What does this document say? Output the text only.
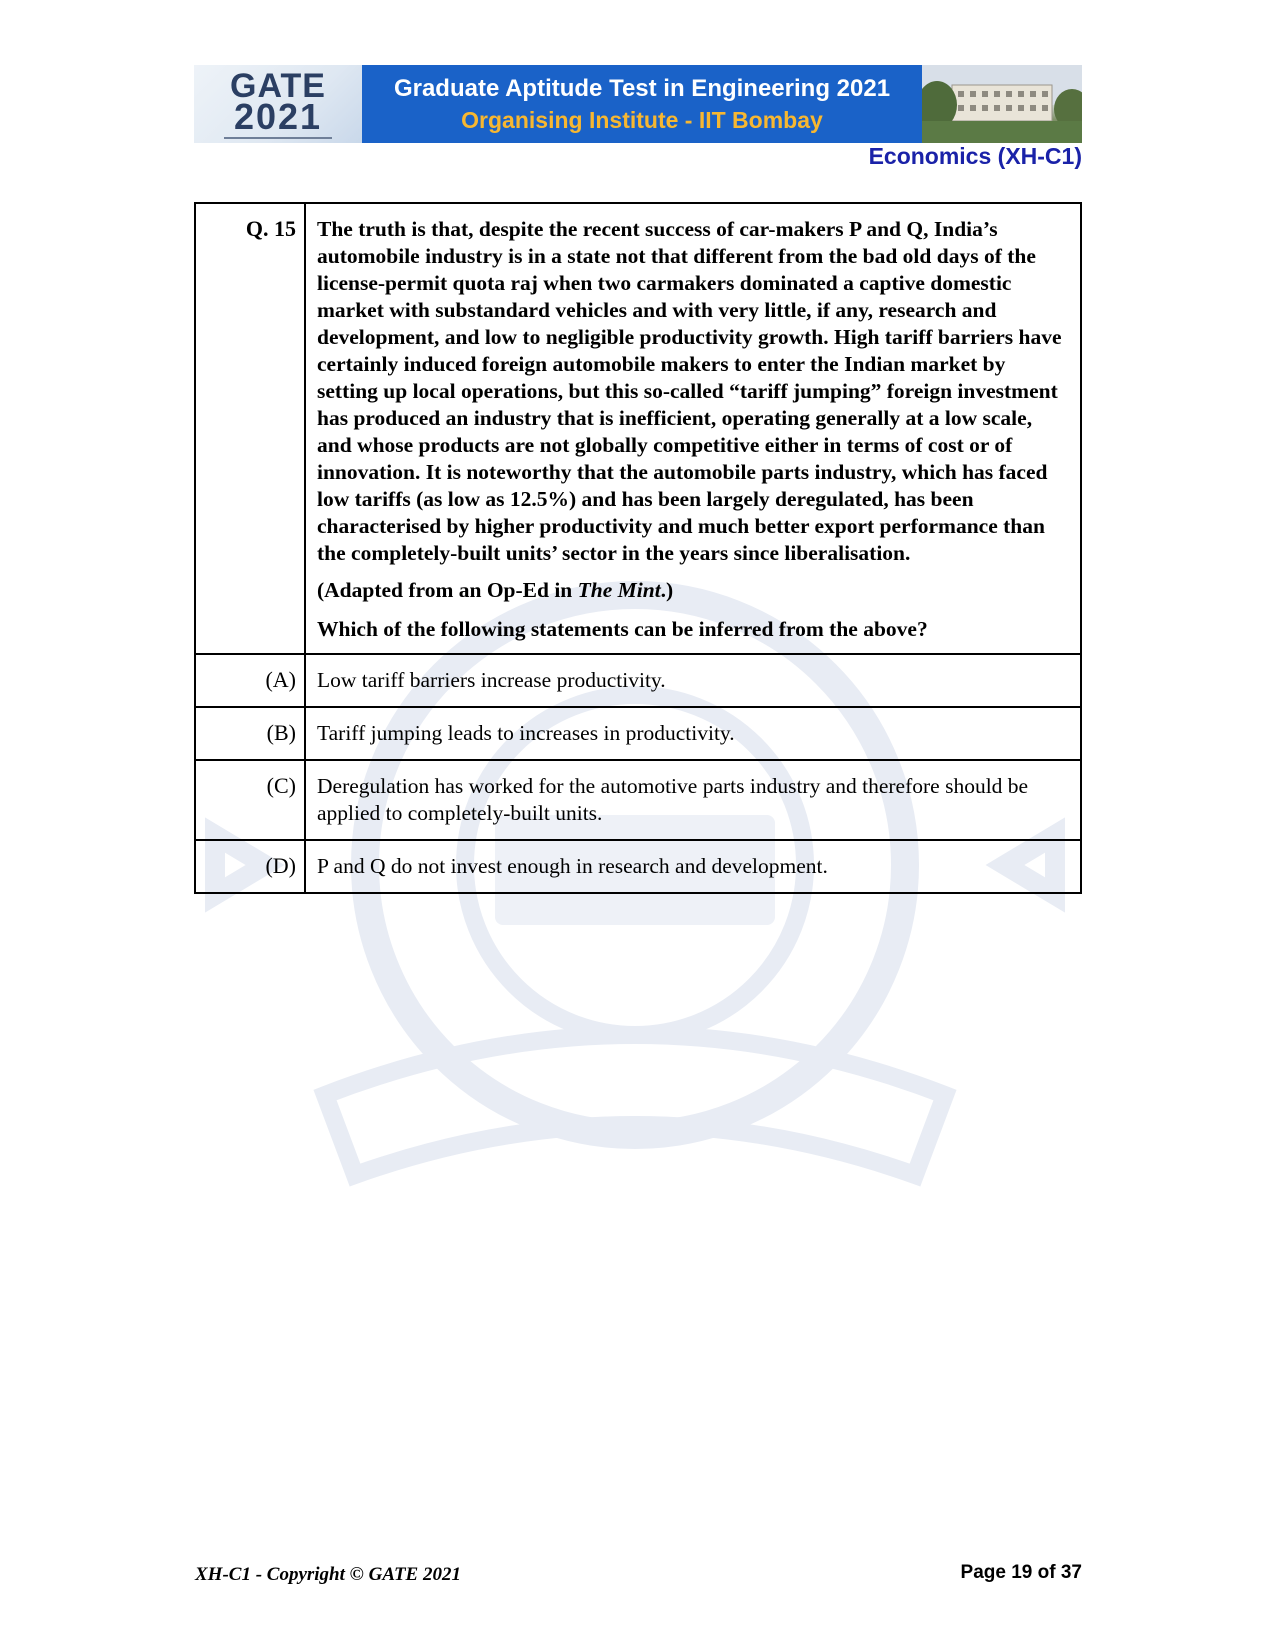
GATE
2021
Graduate Aptitude Test in Engineering 2021
Organising Institute - IIT Bombay
Economics (XH-C1)
Q. 15	The truth is that, despite the recent success of car-makers P and Q, India’s automobile industry is in a state not that different from the bad old days of the license-permit quota raj when two carmakers dominated a captive domestic market with substandard vehicles and with very little, if any, research and development, and low to negligible productivity growth. High tariff barriers have certainly induced foreign automobile makers to enter the Indian market by setting up local operations, but this so-called “tariff jumping” foreign investment has produced an industry that is inefficient, operating generally at a low scale, and whose products are not globally competitive either in terms of cost or of innovation. It is noteworthy that the automobile parts industry, which has faced low tariffs (as low as 12.5%) and has been largely deregulated, has been characterised by higher productivity and much better export performance than the completely-built units’ sector in the years since liberalisation.

(Adapted from an Op-Ed in The Mint.)

Which of the following statements can be inferred from the above?

(A)	Low tariff barriers increase productivity.
(B)	Tariff jumping leads to increases in productivity.
(C)	Deregulation has worked for the automotive parts industry and therefore should be applied to completely-built units.
(D)	P and Q do not invest enough in research and development.
XH-C1 - Copyright © GATE 2021	Page 19 of 37
